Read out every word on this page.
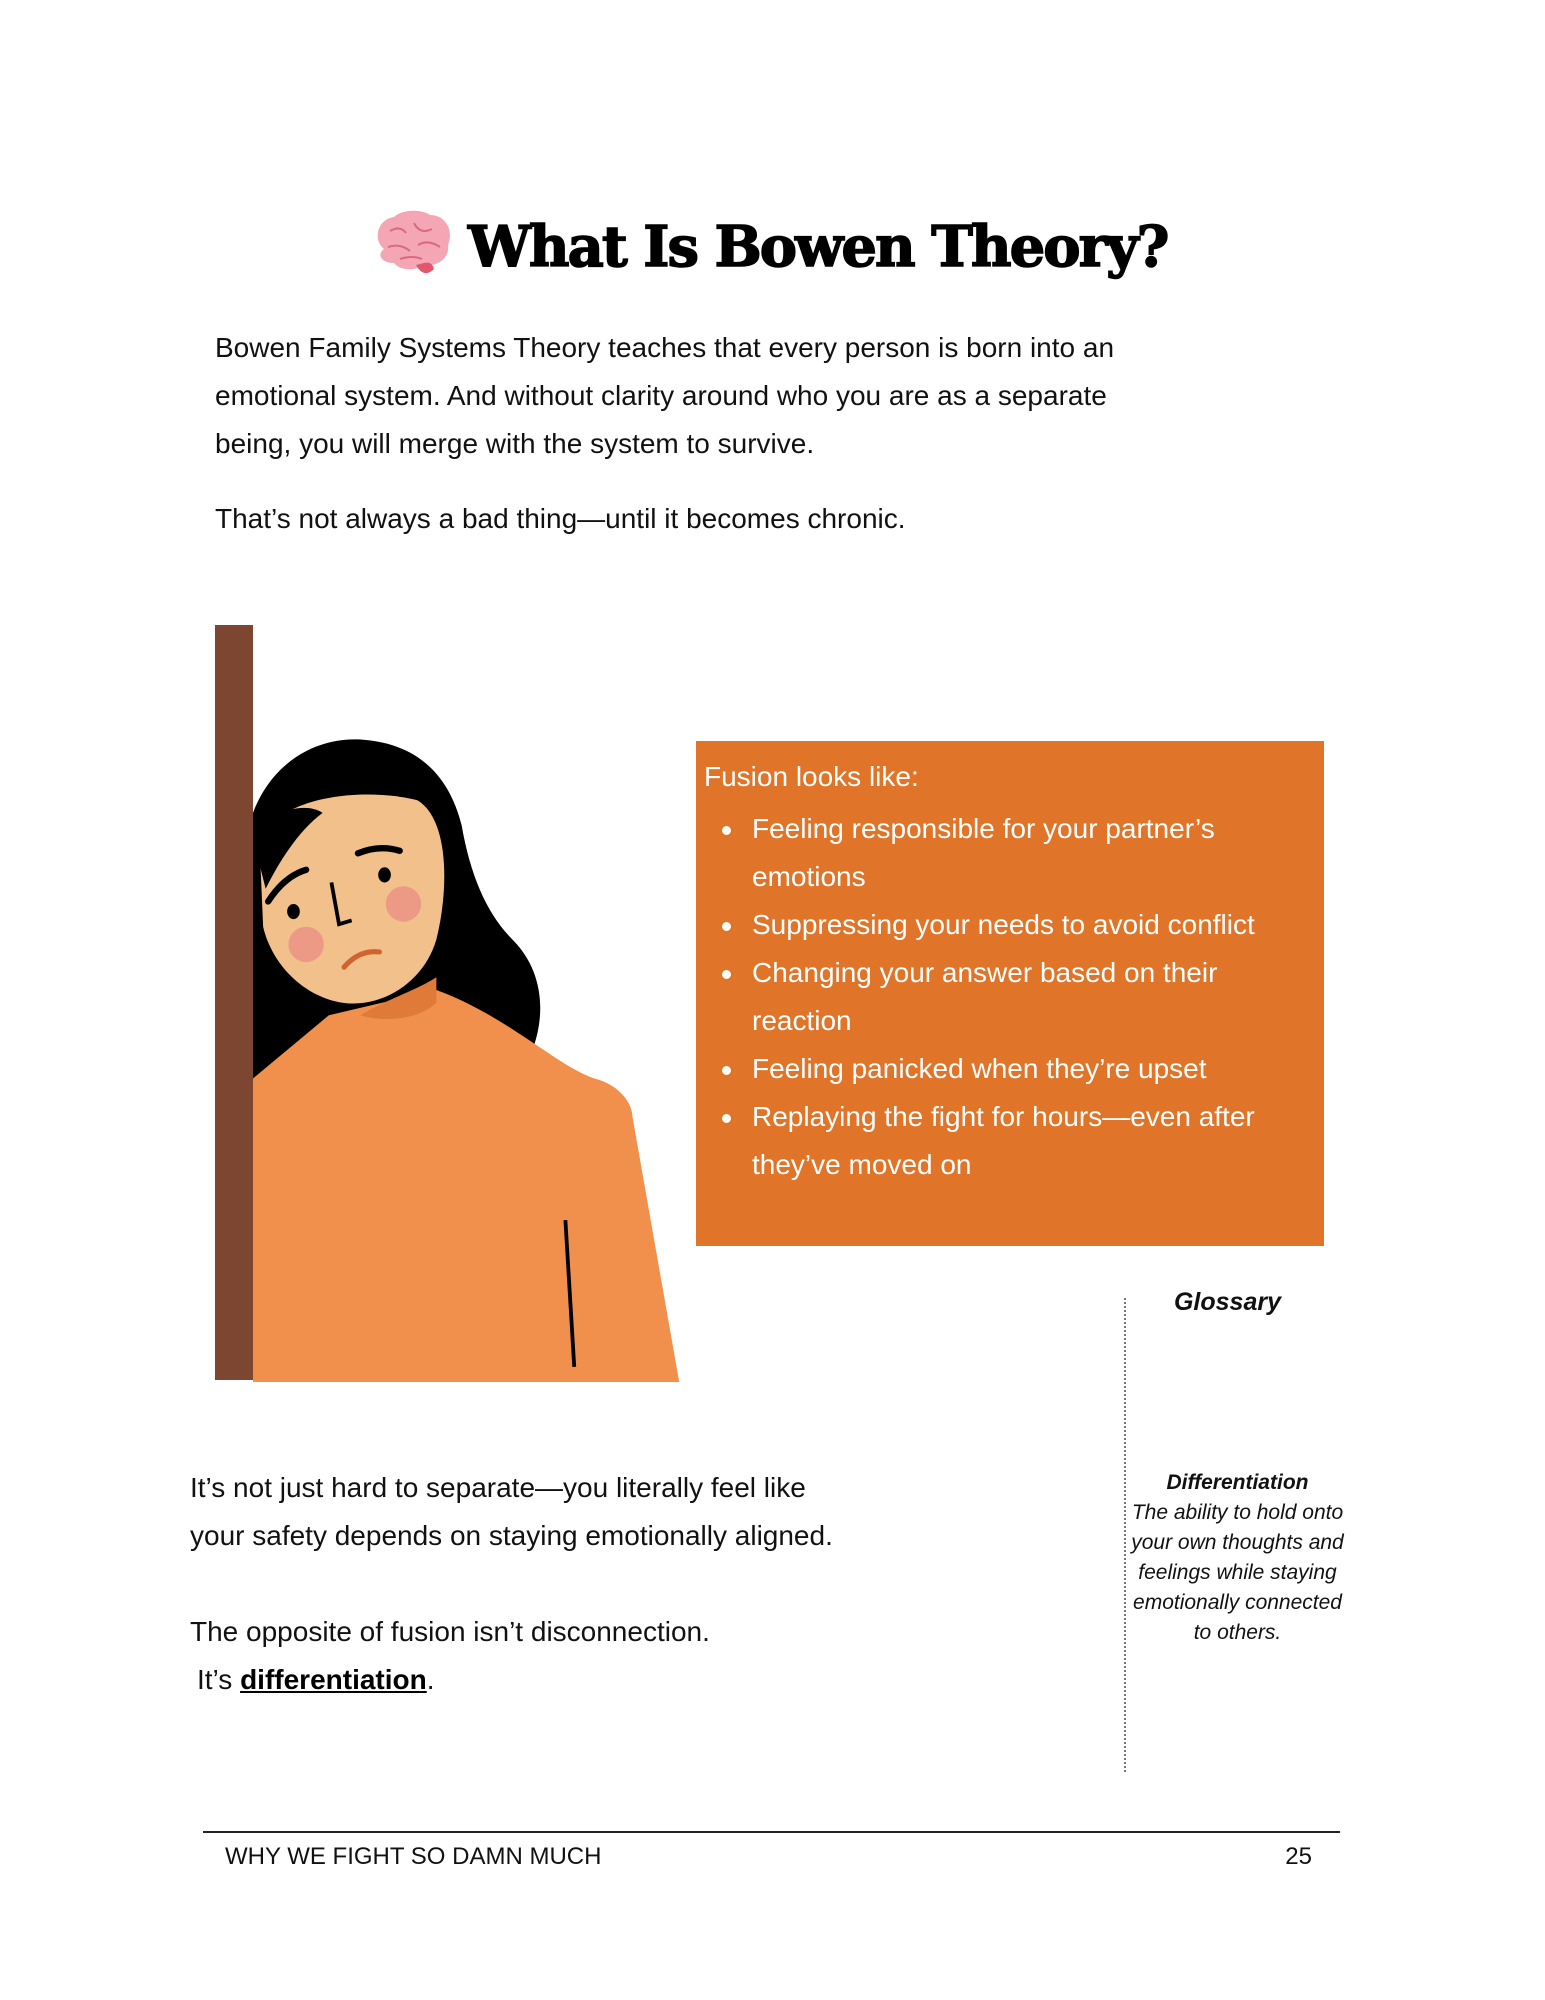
What Is Bowen Theory?
Bowen Family Systems Theory teaches that every person is born into an
emotional system. And without clarity around who you are as a separate
being, you will merge with the system to survive.
That’s not always a bad thing—until it becomes chronic.
Fusion looks like:
Feeling responsible for your partner’s emotions
Suppressing your needs to avoid conflict
Changing your answer based on their reaction
Feeling panicked when they’re upset
Replaying the fight for hours—even after they’ve moved on
Glossary
Differentiation
The ability to hold onto your own thoughts and feelings while staying emotionally connected to others.
It’s not just hard to separate—you literally feel like
your safety depends on staying emotionally aligned.
The opposite of fusion isn’t disconnection.
It’s differentiation.
WHY WE FIGHT SO DAMN MUCH	25
